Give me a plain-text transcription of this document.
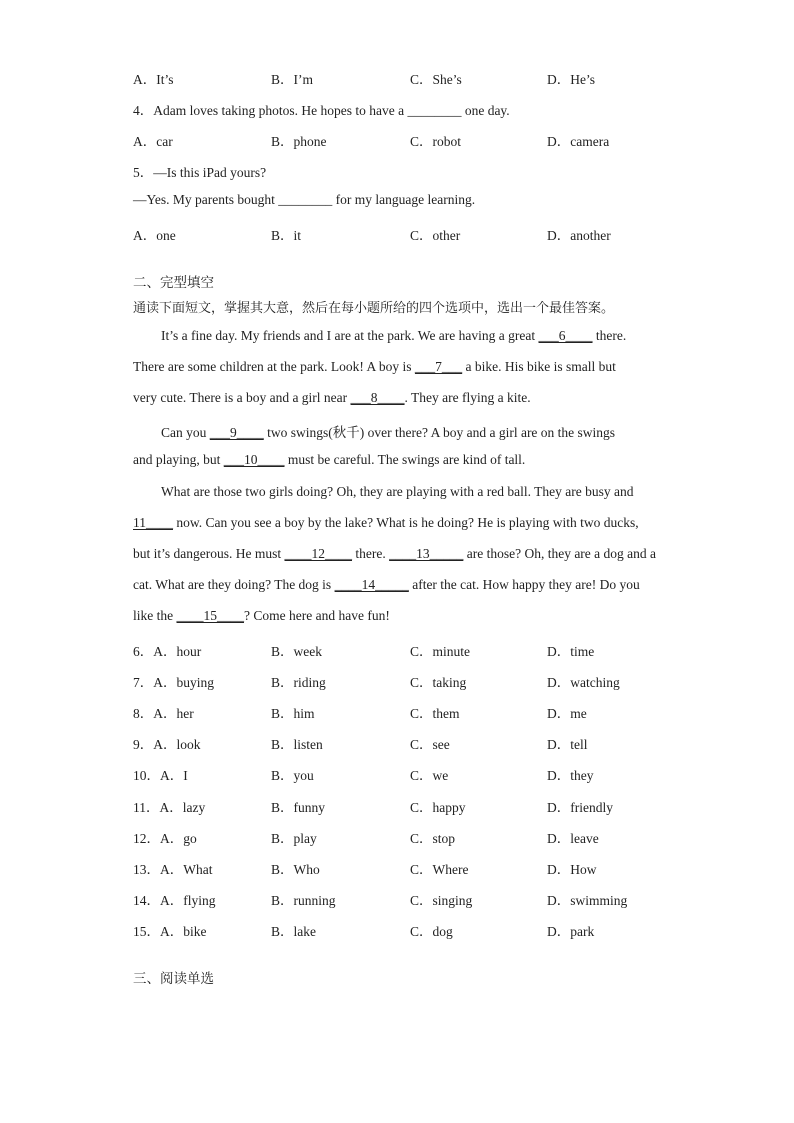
A．It’s	B．I’m	C．She’s	D．He’s
4．Adam loves taking photos. He hopes to have a ________ one day.
A．car	B．phone	C．robot	D．camera
5．—Is this iPad yours?
—Yes. My parents bought ________ for my language learning.
A．one	B．it	C．other	D．another
二、完型填空
通读下面短文，掌握其大意，然后在每小题所给的四个选项中，选出一个最佳答案。
It’s a fine day. My friends and I are at the park. We are having a great ___6____ there.
There are some children at the park. Look! A boy is ___7___ a bike. His bike is small but
very cute. There is a boy and a girl near ___8____. They are flying a kite.
Can you ___9____ two swings(秋千) over there? A boy and a girl are on the swings
and playing, but ___10____ must be careful. The swings are kind of tall.
What are those two girls doing? Oh, they are playing with a red ball. They are busy and
11____ now. Can you see a boy by the lake? What is he doing? He is playing with two ducks,
but it’s dangerous. He must ____12____ there. ____13_____ are those? Oh, they are a dog and a
cat. What are they doing? The dog is ____14_____ after the cat. How happy they are! Do you
like the ____15____? Come here and have fun!
6．A．hour	B．week	C．minute	D．time
7．A．buying	B．riding	C．taking	D．watching
8．A．her	B．him	C．them	D．me
9．A．look	B．listen	C．see	D．tell
10．A．I	B．you	C．we	D．they
11．A．lazy	B．funny	C．happy	D．friendly
12．A．go	B．play	C．stop	D．leave
13．A．What	B．Who	C．Where	D．How
14．A．flying	B．running	C．singing	D．swimming
15．A．bike	B．lake	C．dog	D．park
三、阅读单选
